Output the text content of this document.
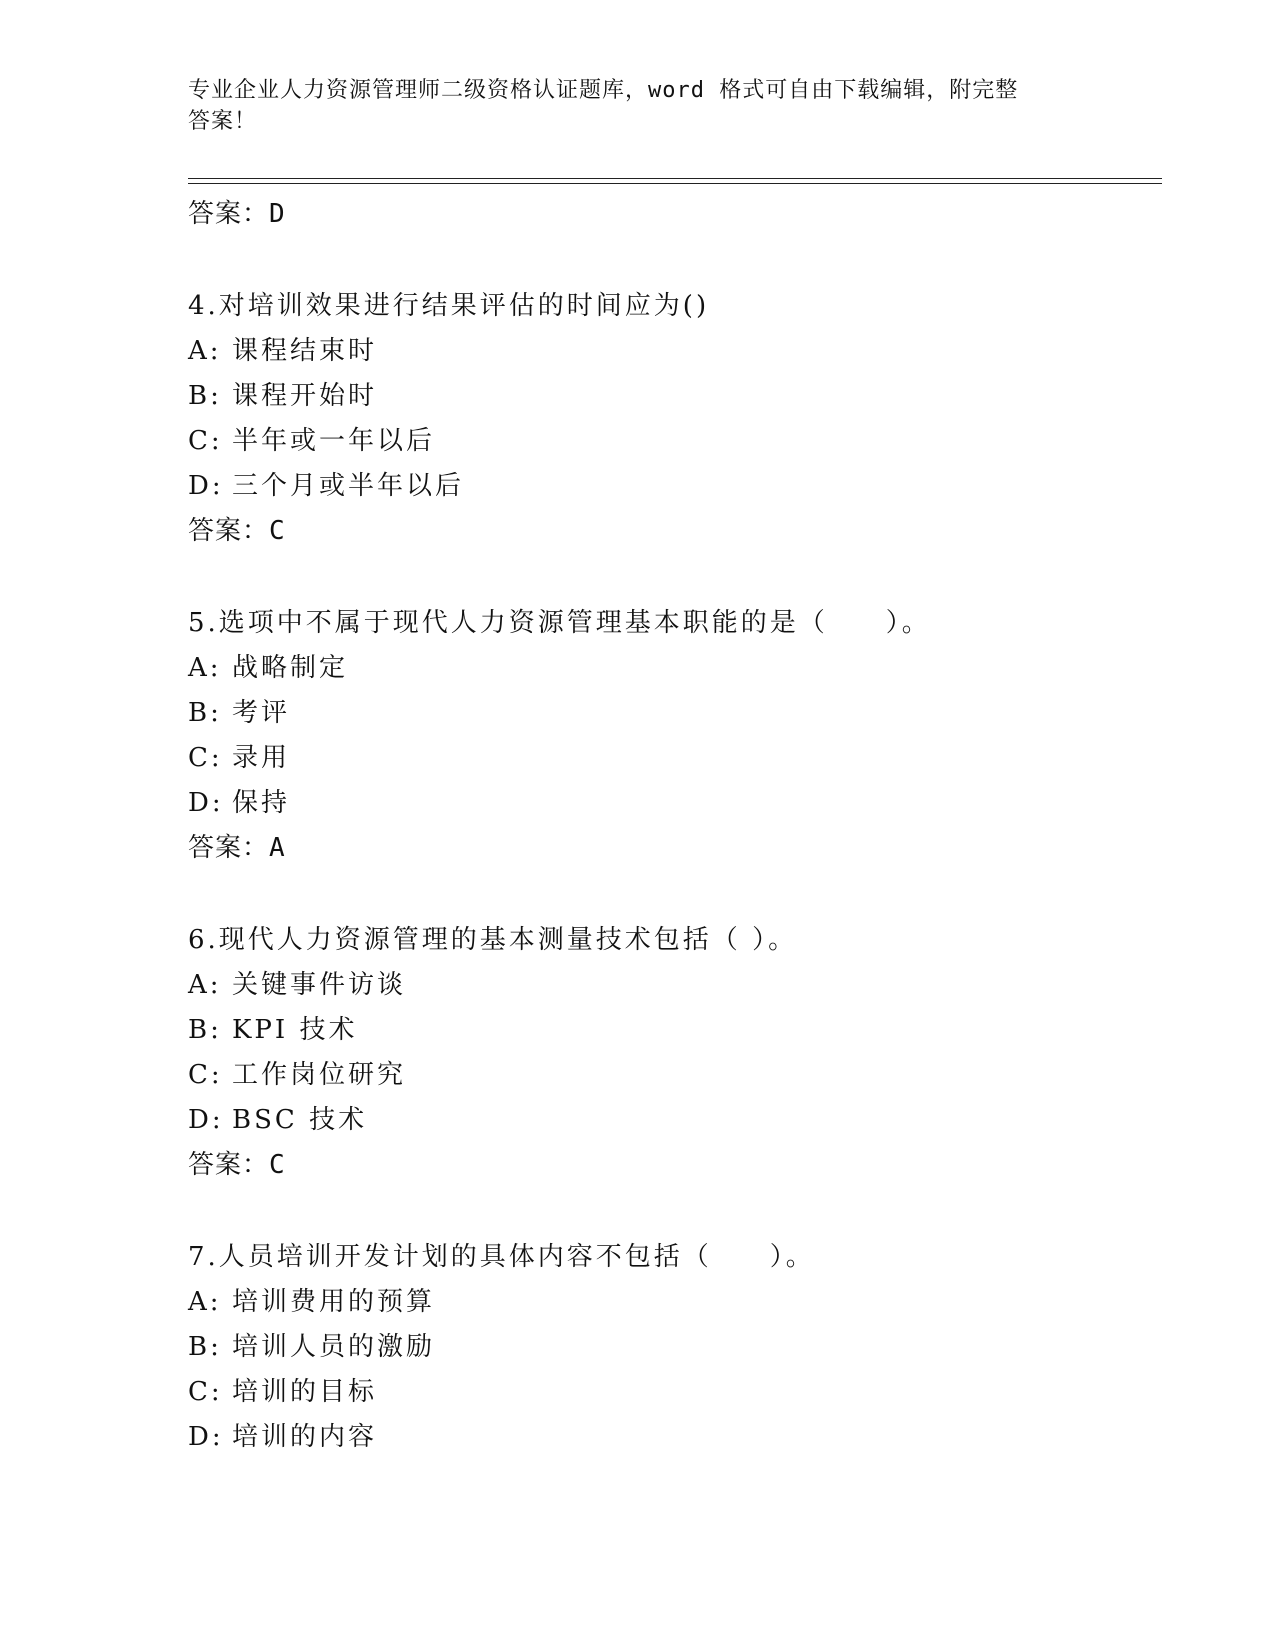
专业企业人力资源管理师二级资格认证题库，word 格式可自由下载编辑，附完整
答案！
答案：D
4.对培训效果进行结果评估的时间应为()
A: 课程结束时
B: 课程开始时
C: 半年或一年以后
D: 三个月或半年以后
答案：C
5.选项中不属于现代人力资源管理基本职能的是（　　）。
A: 战略制定
B: 考评
C: 录用
D: 保持
答案：A
6.现代人力资源管理的基本测量技术包括（ ）。
A: 关键事件访谈
B: KPI 技术
C: 工作岗位研究
D: BSC 技术
答案：C
7.人员培训开发计划的具体内容不包括（　　）。
A: 培训费用的预算
B: 培训人员的激励
C: 培训的目标
D: 培训的内容
